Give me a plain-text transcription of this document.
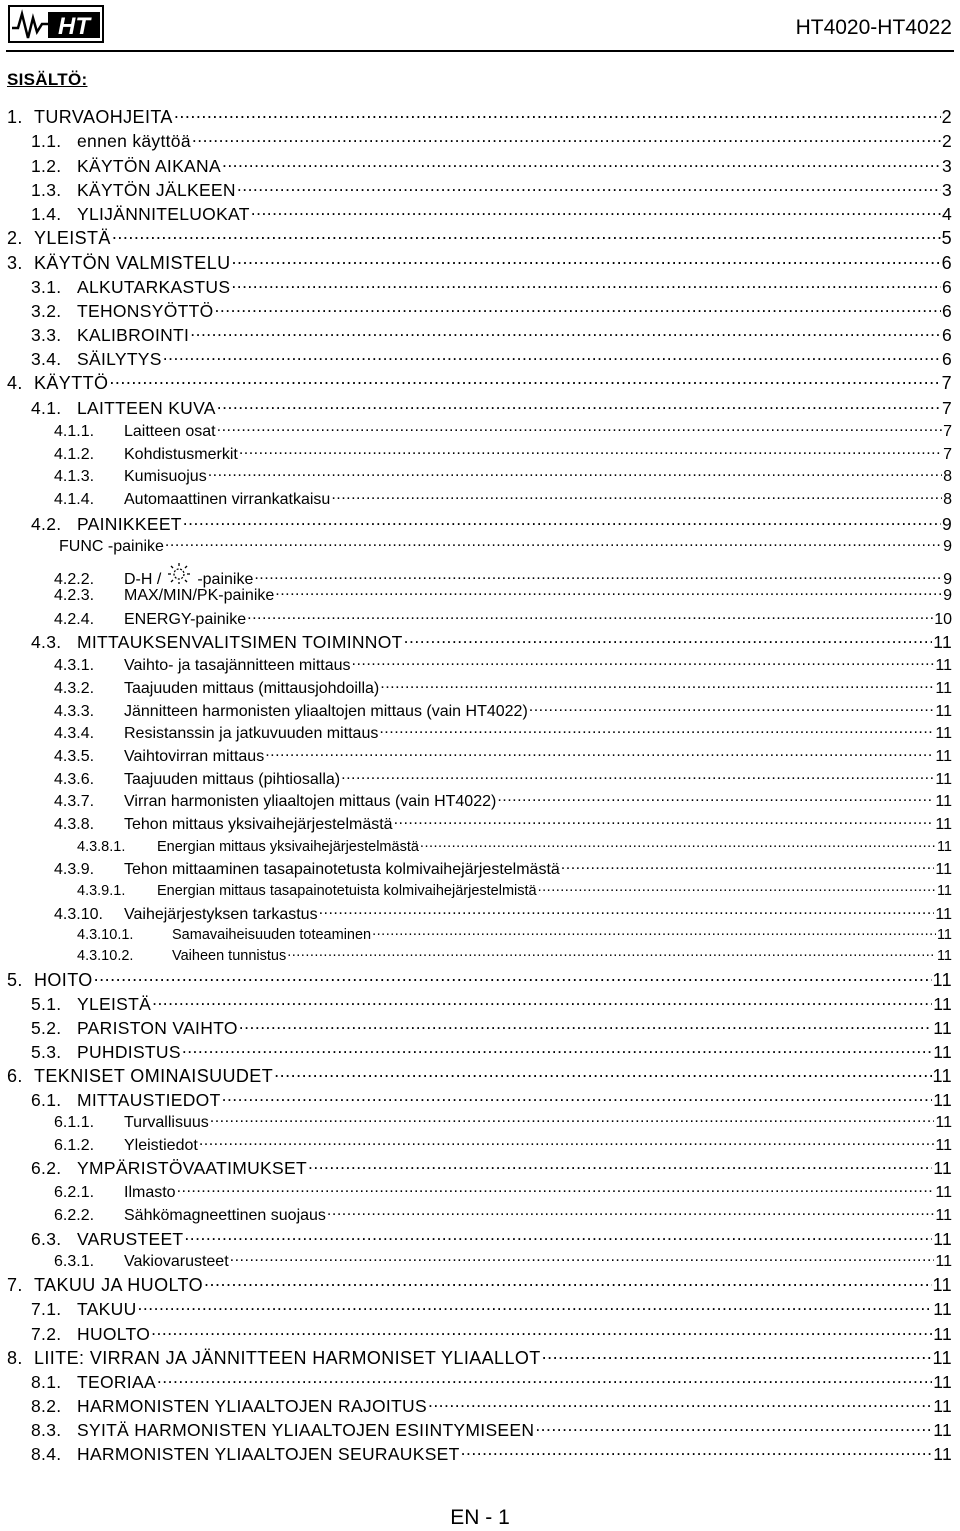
HT	HT4020-HT4022
SISÄLTÖ:
1. TURVAOHJEITA .....	2
1.1. ennen käyttöä .....	2
1.2. KÄYTÖN AIKANA .....	3
1.3. KÄYTÖN JÄLKEEN .....	3
1.4. YLIJÄNNITELUOKAT .....	4
2. YLEISTÄ .....	5
3. KÄYTÖN VALMISTELU .....	6
3.1. ALKUTARKASTUS .....	6
3.2. TEHONSYÖTTÖ .....	6
3.3. KALIBROINTI .....	6
3.4. SÄILYTYS .....	6
4. KÄYTTÖ .....	7
4.1. LAITTEEN KUVA .....	7
4.1.1.	Laitteen osat .....	7
4.1.2.	Kohdistusmerkit .....	7
4.1.3.	Kumisuojus .....	8
4.1.4.	Automaattinen virrankatkaisu .....	8
4.2. PAINIKKEET .....	9
FUNC -painike .....	9
4.2.2.	D-H / -painike .....	9
4.2.3.	MAX/MIN/PK-painike .....	9
4.2.4.	ENERGY-painike .....	10
4.3. MITTAUKSENVALITSIMEN TOIMINNOT .....	11
4.3.1.	Vaihto- ja tasajännitteen mittaus .....	11
4.3.2.	Taajuuden mittaus (mittausjohdoilla) .....	11
4.3.3.	Jännitteen harmonisten yliaaltojen mittaus (vain HT4022) .....	11
4.3.4.	Resistanssin ja jatkuvuuden mittaus .....	11
4.3.5.	Vaihtovirran mittaus .....	11
4.3.6.	Taajuuden mittaus (pihtiosalla) .....	11
4.3.7.	Virran harmonisten yliaaltojen mittaus (vain HT4022) .....	11
4.3.8.	Tehon mittaus yksivaihejärjestelmästä .....	11
4.3.8.1.	Energian mittaus yksivaihejärjestelmästä .....	11
4.3.9.	Tehon mittaaminen tasapainotetusta kolmivaihejärjestelmästä .....	11
4.3.9.1.	Energian mittaus tasapainotetuista kolmivaihejärjestelmistä .....	11
4.3.10.	Vaihejärjestyksen tarkastus .....	11
4.3.10.1.	Samavaiheisuuden toteaminen .....	11
4.3.10.2.	Vaiheen tunnistus .....	11
5. HOITO .....	11
5.1. YLEISTÄ .....	11
5.2. PARISTON VAIHTO .....	11
5.3. PUHDISTUS .....	11
6. TEKNISET OMINAISUUDET .....	11
6.1. MITTAUSTIEDOT .....	11
6.1.1.	Turvallisuus .....	11
6.1.2.	Yleistiedot .....	11
6.2. YMPÄRISTÖVAATIMUKSET .....	11
6.2.1.	Ilmasto .....	11
6.2.2.	Sähkömagneettinen suojaus .....	11
6.3. VARUSTEET .....	11
6.3.1.	Vakiovarusteet .....	11
7. TAKUU JA HUOLTO .....	11
7.1. TAKUU .....	11
7.2. HUOLTO .....	11
8. LIITE: VIRRAN JA JÄNNITTEEN HARMONISET YLIAALLOT .....	11
8.1. TEORIAA .....	11
8.2. HARMONISTEN YLIAALTOJEN RAJOITUS .....	11
8.3. SYITÄ HARMONISTEN YLIAALTOJEN ESIINTYMISEEN .....	11
8.4. HARMONISTEN YLIAALTOJEN SEURAUKSET .....	11
EN - 1
